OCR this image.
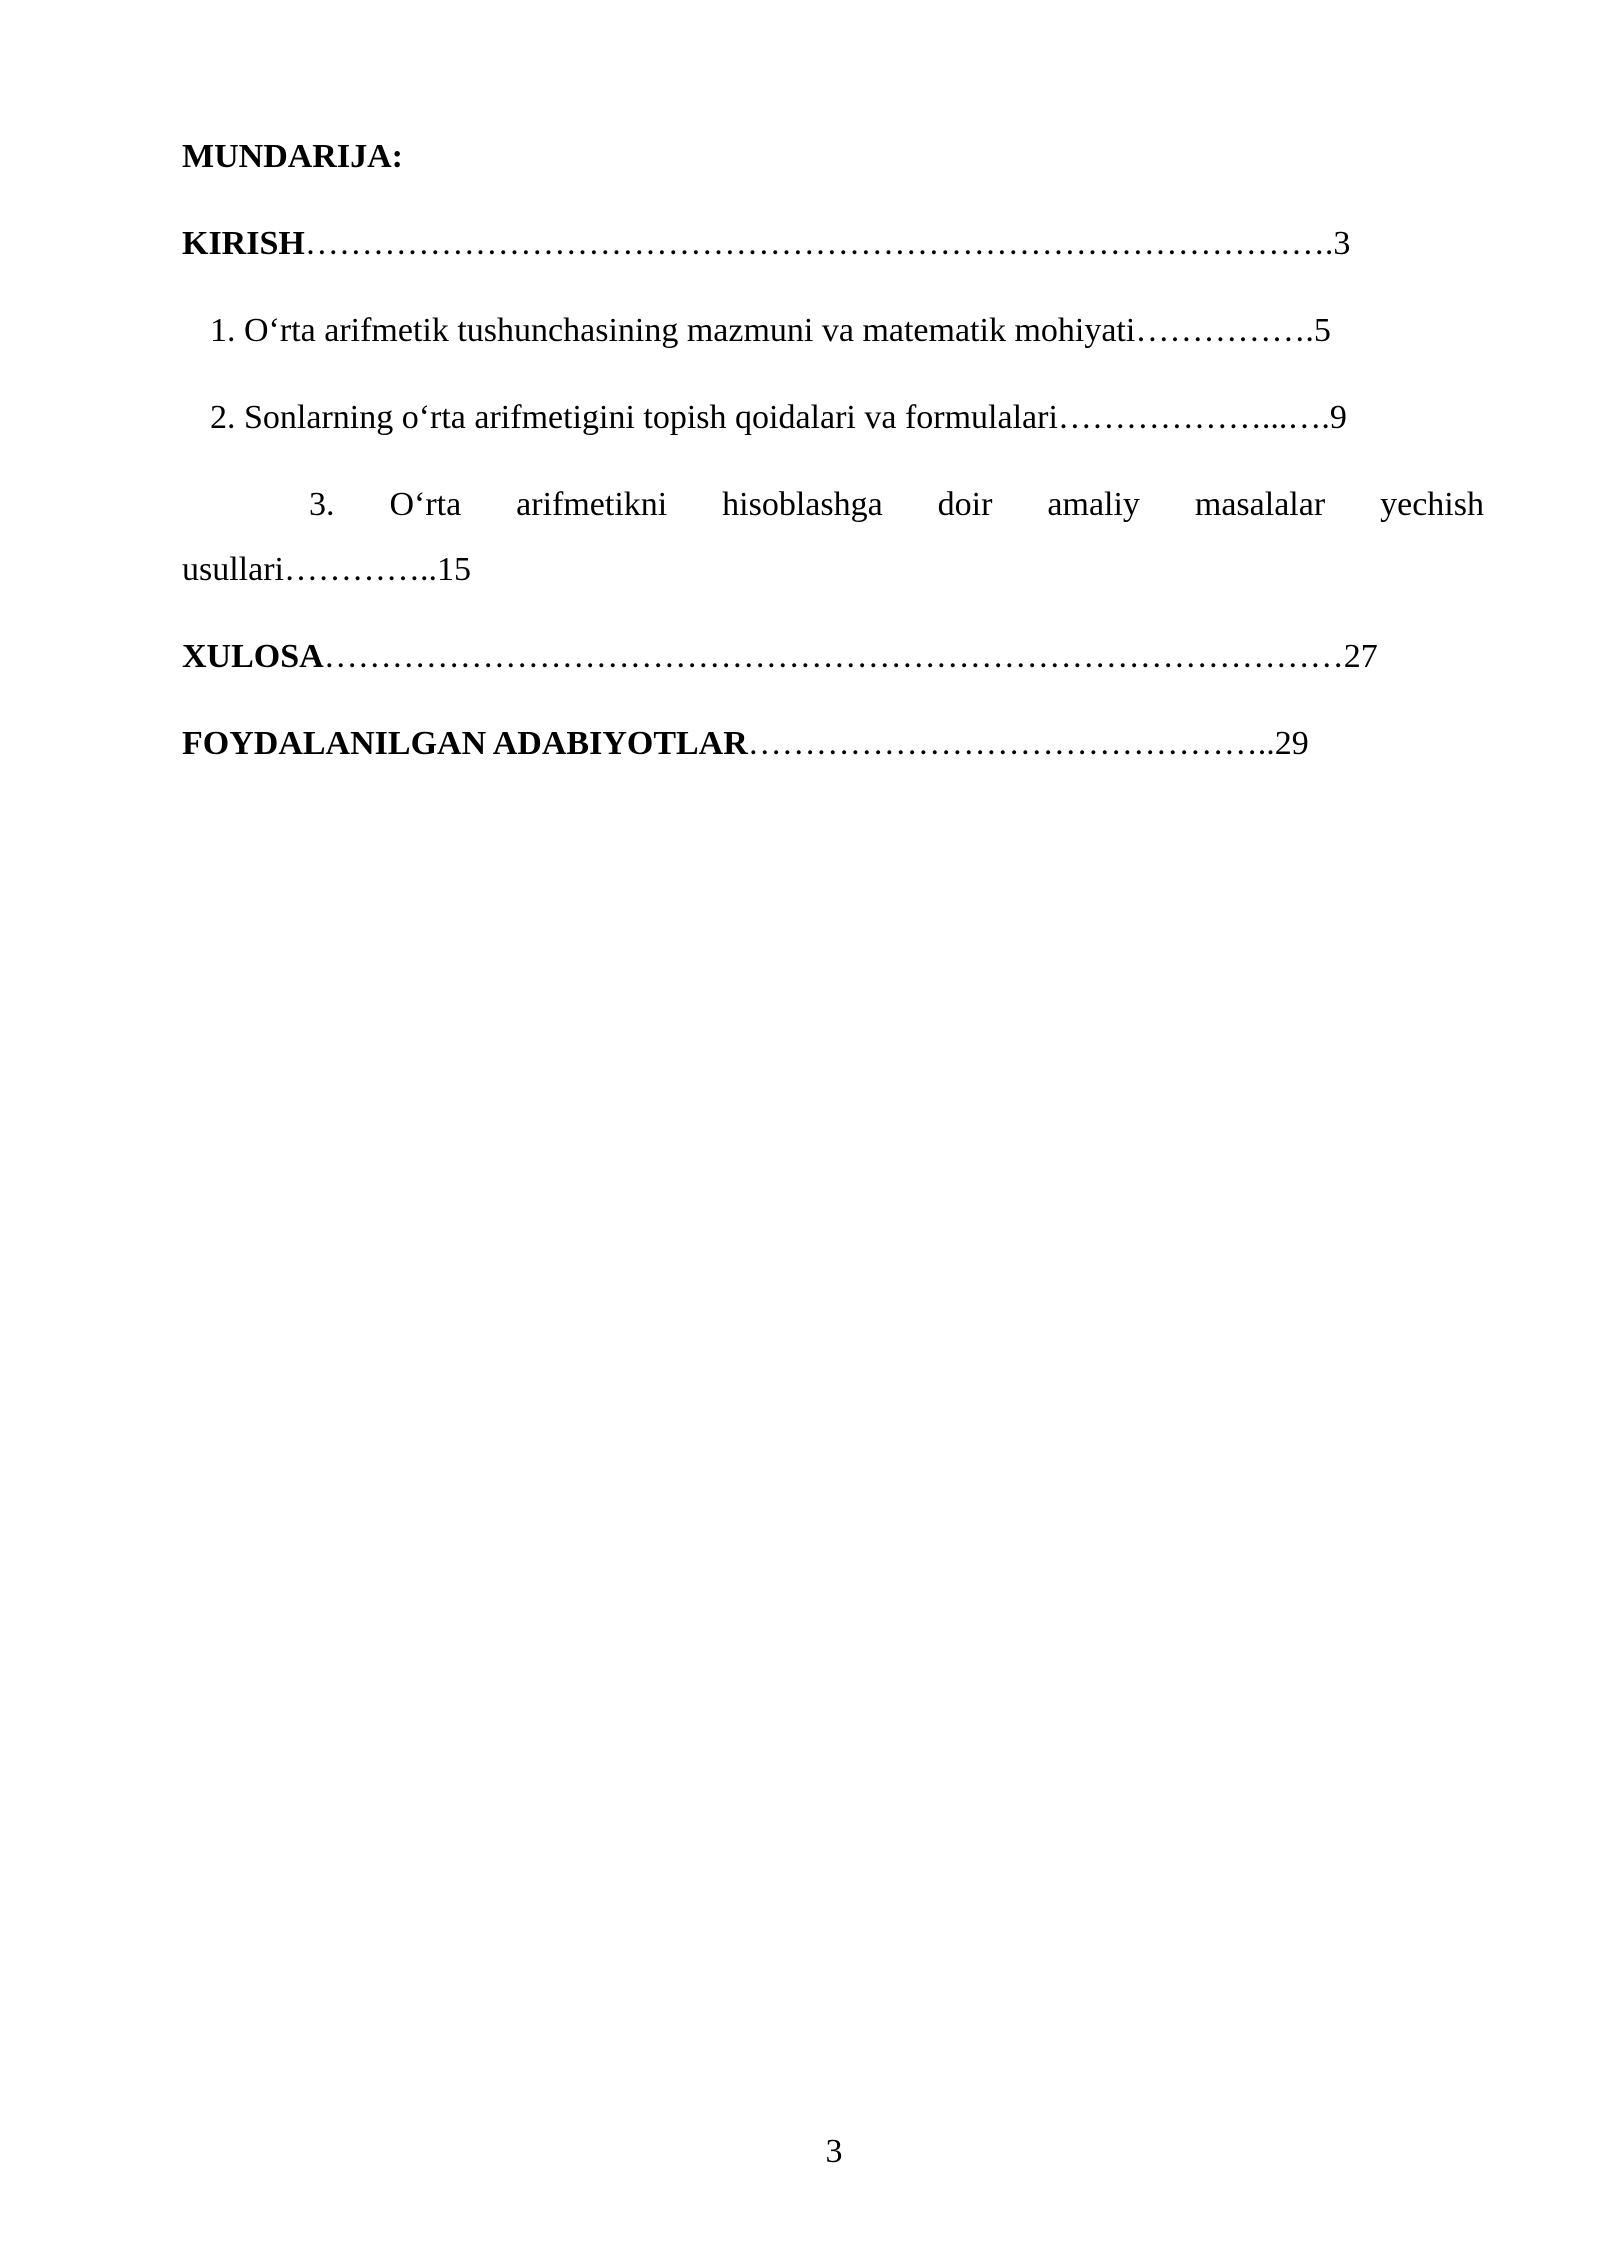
MUNDARIJA:
KIRISH……………………………………………………………………………….3
1. O‘rta arifmetik tushunchasining mazmuni va matematik mohiyati…………….5
2. Sonlarning o‘rta arifmetigini topish qoidalari va formulalari………………...….9
3. O‘rta arifmetikni hisoblashga doir amaliy masalalar yechish
usullari…………..15
XULOSA………………………………………………………………………………27
FOYDALANILGAN ADABIYOTLAR………………………………………..29
3
